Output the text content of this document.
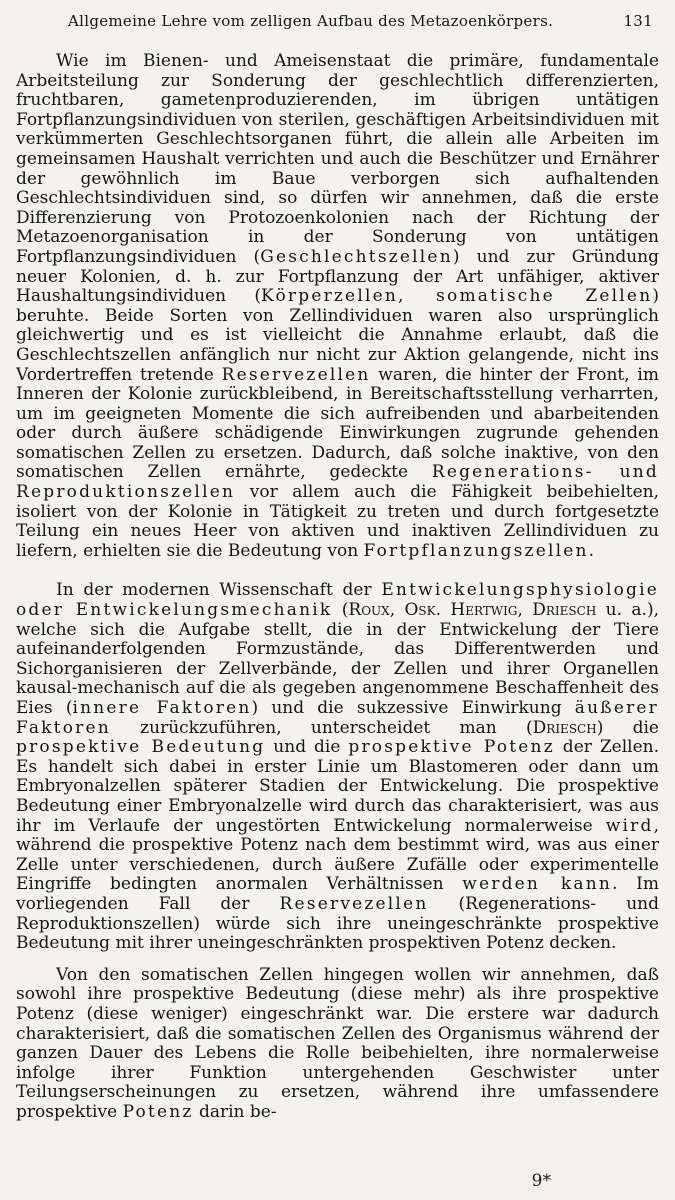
Allgemeine Lehre vom zelligen Aufbau des Metazoenkörpers.	131

Wie im Bienen- und Ameisenstaat die primäre, fundamentale Arbeitsteilung zur Sonderung der geschlechtlich differenzierten, fruchtbaren, gametenproduzierenden, im übrigen untätigen Fortpflanzungsindividuen von sterilen, geschäftigen Arbeitsindividuen mit verkümmerten Geschlechtsorganen führt, die allein alle Arbeiten im gemeinsamen Haushalt verrichten und auch die Beschützer und Ernährer der gewöhnlich im Baue verborgen sich aufhaltenden Geschlechtsindividuen sind, so dürfen wir annehmen, daß die erste Differenzierung von Protozoenkolonien nach der Richtung der Metazoenorganisation in der Sonderung von untätigen Fortpflanzungsindividuen (Geschlechtszellen) und zur Gründung neuer Kolonien, d. h. zur Fortpflanzung der Art unfähiger, aktiver Haushaltungsindividuen (Körperzellen, somatische Zellen) beruhte. Beide Sorten von Zellindividuen waren also ursprünglich gleichwertig und es ist vielleicht die Annahme erlaubt, daß die Geschlechtszellen anfänglich nur nicht zur Aktion gelangende, nicht ins Vordertreffen tretende Reservezellen waren, die hinter der Front, im Inneren der Kolonie zurückbleibend, in Bereitschaftsstellung verharrten, um im geeigneten Momente die sich aufreibenden und abarbeitenden oder durch äußere schädigende Einwirkungen zugrunde gehenden somatischen Zellen zu ersetzen. Dadurch, daß solche inaktive, von den somatischen Zellen ernährte, gedeckte Regenerations- und Reproduktionszellen vor allem auch die Fähigkeit beibehielten, isoliert von der Kolonie in Tätigkeit zu treten und durch fortgesetzte Teilung ein neues Heer von aktiven und inaktiven Zellindividuen zu liefern, erhielten sie die Bedeutung von Fortpflanzungszellen.

In der modernen Wissenschaft der Entwickelungsphysiologie oder Entwickelungsmechanik (Roux, Osk. Hertwig, Driesch u. a.), welche sich die Aufgabe stellt, die in der Entwickelung der Tiere aufeinanderfolgenden Formzustände, das Differentwerden und Sichorganisieren der Zellverbände, der Zellen und ihrer Organellen kausal-mechanisch auf die als gegeben angenommene Beschaffenheit des Eies (innere Faktoren) und die sukzessive Einwirkung äußerer Faktoren zurückzuführen, unterscheidet man (Driesch) die prospektive Bedeutung und die prospektive Potenz der Zellen. Es handelt sich dabei in erster Linie um Blastomeren oder dann um Embryonalzellen späterer Stadien der Entwickelung. Die prospektive Bedeutung einer Embryonalzelle wird durch das charakterisiert, was aus ihr im Verlaufe der ungestörten Entwickelung normalerweise wird, während die prospektive Potenz nach dem bestimmt wird, was aus einer Zelle unter verschiedenen, durch äußere Zufälle oder experimentelle Eingriffe bedingten anormalen Verhältnissen werden kann. Im vorliegenden Fall der Reservezellen (Regenerations- und Reproduktionszellen) würde sich ihre uneingeschränkte prospektive Bedeutung mit ihrer uneingeschränkten prospektiven Potenz decken.

Von den somatischen Zellen hingegen wollen wir annehmen, daß sowohl ihre prospektive Bedeutung (diese mehr) als ihre prospektive Potenz (diese weniger) eingeschränkt war. Die erstere war dadurch charakterisiert, daß die somatischen Zellen des Organismus während der ganzen Dauer des Lebens die Rolle beibehielten, ihre normalerweise infolge ihrer Funktion untergehenden Geschwister unter Teilungserscheinungen zu ersetzen, während ihre umfassendere prospektive Potenz darin be-

9*
